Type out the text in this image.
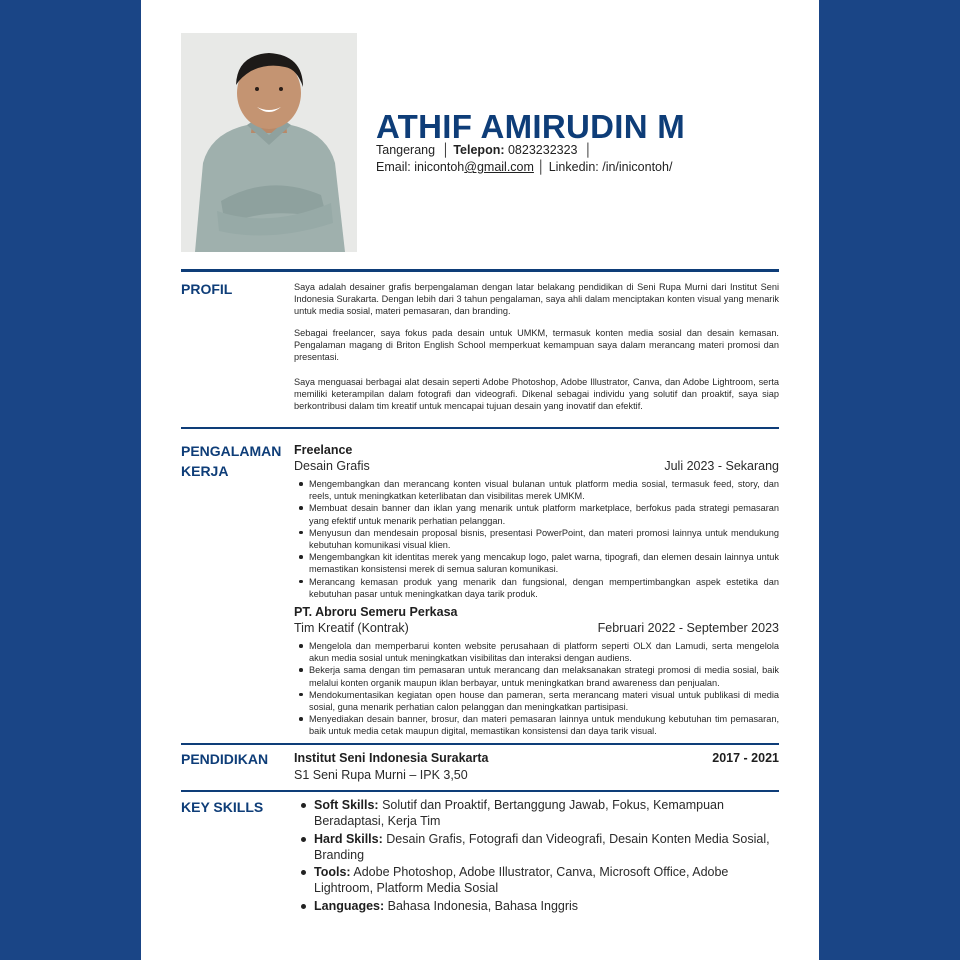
ATHIF AMIRUDIN M
Tangerang  │ Telepon: 0823232323  │
Email: inicontoh@gmail.com │ Linkedin: /in/inicontoh/
PROFIL	Saya adalah desainer grafis berpengalaman dengan latar belakang pendidikan di Seni Rupa Murni dari Institut Seni Indonesia Surakarta. Dengan lebih dari 3 tahun pengalaman, saya ahli dalam menciptakan konten visual yang menarik untuk media sosial, materi pemasaran, dan branding.
Sebagai freelancer, saya fokus pada desain untuk UMKM, termasuk konten media sosial dan desain kemasan. Pengalaman magang di Briton English School memperkuat kemampuan saya dalam merancang materi promosi dan presentasi.
Saya menguasai berbagai alat desain seperti Adobe Photoshop, Adobe Illustrator, Canva, dan Adobe Lightroom, serta memiliki keterampilan dalam fotografi dan videografi. Dikenal sebagai individu yang solutif dan proaktif, saya siap berkontribusi dalam tim kreatif untuk mencapai tujuan desain yang inovatif dan efektif.
PENGALAMAN
KERJA
Freelance
Desain Grafis	Juli 2023 - Sekarang
Mengembangkan dan merancang konten visual bulanan untuk platform media sosial, termasuk feed, story, dan reels, untuk meningkatkan keterlibatan dan visibilitas merek UMKM.
Membuat desain banner dan iklan yang menarik untuk platform marketplace, berfokus pada strategi pemasaran yang efektif untuk menarik perhatian pelanggan.
Menyusun dan mendesain proposal bisnis, presentasi PowerPoint, dan materi promosi lainnya untuk mendukung kebutuhan komunikasi visual klien.
Mengembangkan kit identitas merek yang mencakup logo, palet warna, tipografi, dan elemen desain lainnya untuk memastikan konsistensi merek di semua saluran komunikasi.
Merancang kemasan produk yang menarik dan fungsional, dengan mempertimbangkan aspek estetika dan kebutuhan pasar untuk meningkatkan daya tarik produk.
PT. Abroru Semeru Perkasa
Tim Kreatif (Kontrak)	Februari 2022 - September 2023
Mengelola dan memperbarui konten website perusahaan di platform seperti OLX dan Lamudi, serta mengelola akun media sosial untuk meningkatkan visibilitas dan interaksi dengan audiens.
Bekerja sama dengan tim pemasaran untuk merancang dan melaksanakan strategi promosi di media sosial, baik melalui konten organik maupun iklan berbayar, untuk meningkatkan brand awareness dan penjualan.
Mendokumentasikan kegiatan open house dan pameran, serta merancang materi visual untuk publikasi di media sosial, guna menarik perhatian calon pelanggan dan meningkatkan partisipasi.
Menyediakan desain banner, brosur, dan materi pemasaran lainnya untuk mendukung kebutuhan tim pemasaran, baik untuk media cetak maupun digital, memastikan konsistensi dan daya tarik visual.
PENDIDIKAN	Institut Seni Indonesia Surakarta	2017 - 2021
S1 Seni Rupa Murni – IPK 3,50
KEY SKILLS	Soft Skills: Solutif dan Proaktif, Bertanggung Jawab, Fokus, Kemampuan Beradaptasi, Kerja Tim
Hard Skills: Desain Grafis, Fotografi dan Videografi, Desain Konten Media Sosial, Branding
Tools: Adobe Photoshop, Adobe Illustrator, Canva, Microsoft Office, Adobe Lightroom, Platform Media Sosial
Languages: Bahasa Indonesia, Bahasa Inggris
